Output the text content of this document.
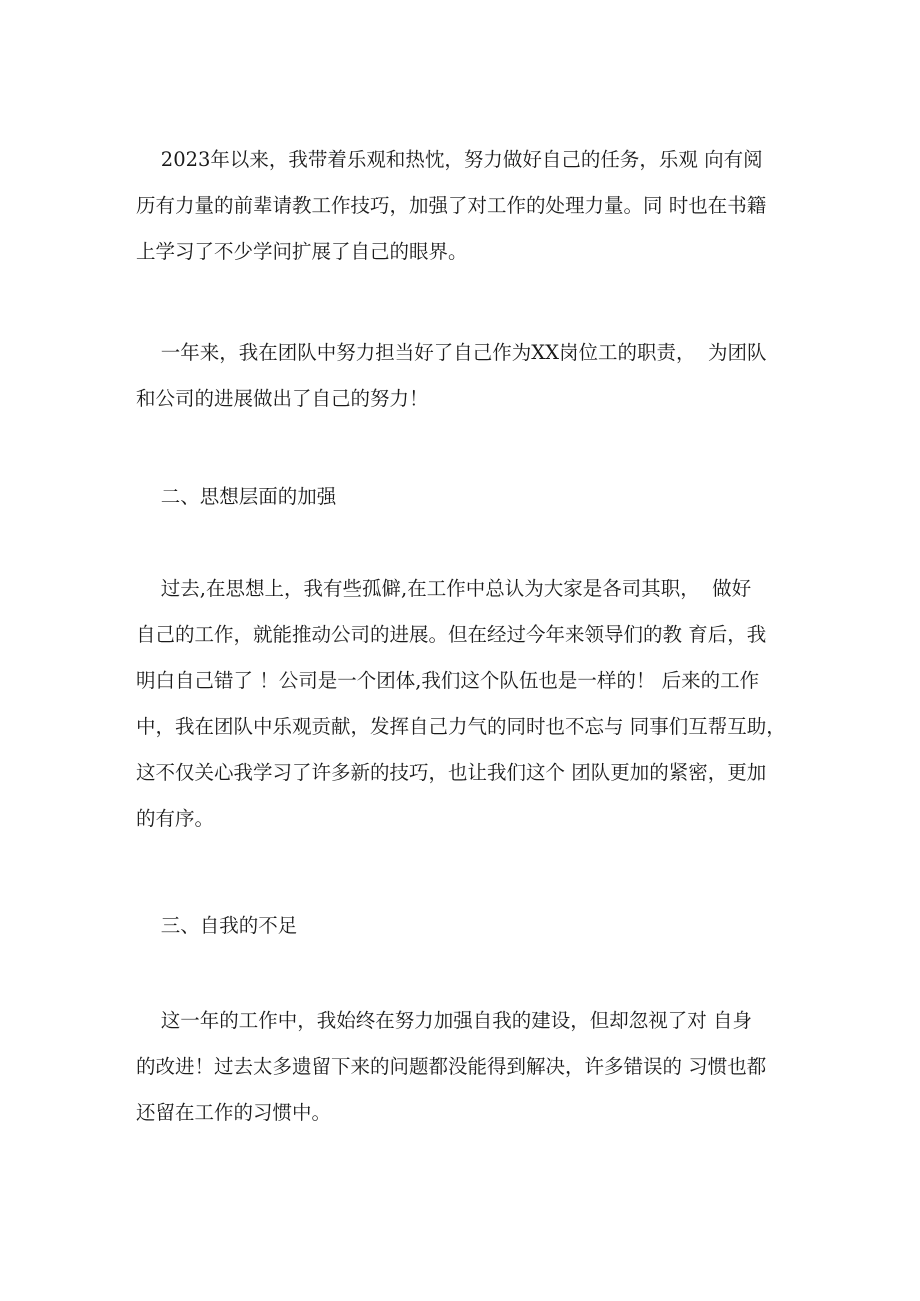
2023年以来，我带着乐观和热忱，努力做好自己的任务，乐观 向有阅
历有力量的前辈请教工作技巧，加强了对工作的处理力量。同 时也在书籍
上学习了不少学问扩展了自己的眼界。
一年来，我在团队中努力担当好了自己作为XX岗位工的职责，  为团队
和公司的进展做出了自己的努力！
二、思想层面的加强
过去,在思想上，我有些孤僻,在工作中总认为大家是各司其职，  做好
自己的工作，就能推动公司的进展。但在经过今年来领导们的教 育后，我
明白自己错了 ！公司是一个团体,我们这个队伍也是一样的！ 后来的工作
中，我在团队中乐观贡献，发挥自己力气的同时也不忘与 同事们互帮互助，
这不仅关心我学习了许多新的技巧，也让我们这个 团队更加的紧密，更加
的有序。
三、自我的不足
这一年的工作中，我始终在努力加强自我的建设，但却忽视了对 自身
的改进！过去太多遗留下来的问题都没能得到解决，许多错误的 习惯也都
还留在工作的习惯中。
